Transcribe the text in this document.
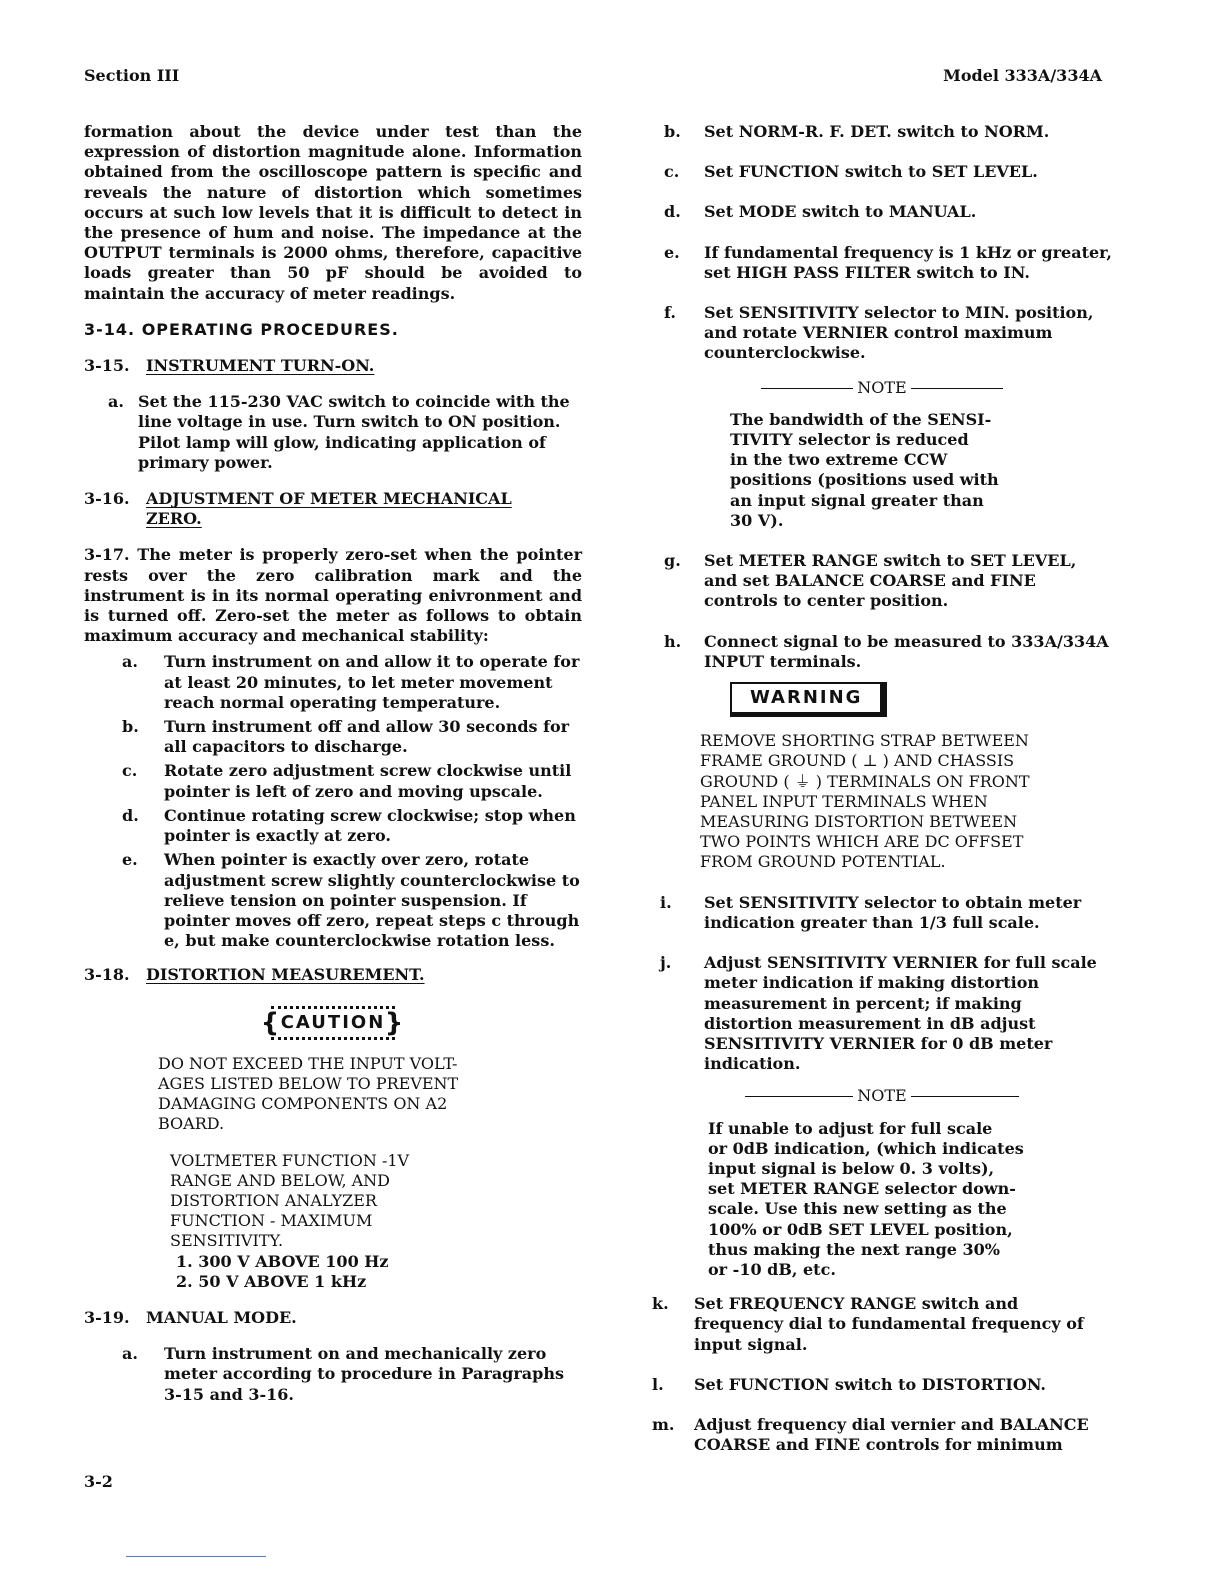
Section III	Model 333A/334A

formation about the device under test than the expression of distortion magnitude alone. Information obtained from the oscilloscope pattern is specific and reveals the nature of distortion which sometimes occurs at such low levels that it is difficult to detect in the presence of hum and noise. The impedance at the OUTPUT terminals is 2000 ohms, therefore, capacitive loads greater than 50 pF should be avoided to maintain the accuracy of meter readings.

3-14. OPERATING PROCEDURES.
3-15. INSTRUMENT TURN-ON.
a. Set the 115-230 VAC switch to coincide with the line voltage in use. Turn switch to ON position. Pilot lamp will glow, indicating application of primary power.
3-16. ADJUSTMENT OF METER MECHANICAL
ZERO.

3-17. The meter is properly zero-set when the pointer rests over the zero calibration mark and the instrument is in its normal operating enivronment and is turned off. Zero-set the meter as follows to obtain maximum accuracy and mechanical stability:

a. Turn instrument on and allow it to operate for at least 20 minutes, to let meter movement reach normal operating temperature.
b. Turn instrument off and allow 30 seconds for all capacitors to discharge.
c. Rotate zero adjustment screw clockwise until pointer is left of zero and moving upscale.
d. Continue rotating screw clockwise; stop when pointer is exactly at zero.
e. When pointer is exactly over zero, rotate adjustment screw slightly counterclockwise to relieve tension on pointer suspension. If pointer moves off zero, repeat steps c through e, but make counterclockwise rotation less.
3-18. DISTORTION MEASUREMENT.
{ CAUTION }
DO NOT EXCEED THE INPUT VOLT-
AGES LISTED BELOW TO PREVENT
DAMAGING COMPONENTS ON A2
BOARD.
VOLTMETER FUNCTION -1V
RANGE AND BELOW, AND
DISTORTION ANALYZER
FUNCTION - MAXIMUM
SENSITIVITY.
1. 300 V ABOVE 100 Hz
2. 50 V ABOVE 1 kHz
3-19. MANUAL MODE.
a. Turn instrument on and mechanically zero meter according to procedure in Paragraphs 3-15 and 3-16.
b. Set NORM-R. F. DET. switch to NORM.
c. Set FUNCTION switch to SET LEVEL.
d. Set MODE switch to MANUAL.
e. If fundamental frequency is 1 kHz or greater, set HIGH PASS FILTER switch to IN.
f. Set SENSITIVITY selector to MIN. position, and rotate VERNIER control maximum counterclockwise.
NOTE
The bandwidth of the SENSI-
TIVITY selector is reduced
in the two extreme CCW
positions (positions used with
an input signal greater than
30 V).
g. Set METER RANGE switch to SET LEVEL, and set BALANCE COARSE and FINE controls to center position.
h. Connect signal to be measured to 333A/334A INPUT terminals.
WARNING
REMOVE SHORTING STRAP BETWEEN
FRAME GROUND ( ⊥ ) AND CHASSIS
GROUND ( ⏚ ) TERMINALS ON FRONT
PANEL INPUT TERMINALS WHEN
MEASURING DISTORTION BETWEEN
TWO POINTS WHICH ARE DC OFFSET
FROM GROUND POTENTIAL.
i. Set SENSITIVITY selector to obtain meter indication greater than 1/3 full scale.
j. Adjust SENSITIVITY VERNIER for full scale meter indication if making distortion measurement in percent; if making distortion measurement in dB adjust SENSITIVITY VERNIER for 0 dB meter indication.
NOTE
If unable to adjust for full scale
or 0dB indication, (which indicates
input signal is below 0. 3 volts),
set METER RANGE selector down-
scale. Use this new setting as the
100% or 0dB SET LEVEL position,
thus making the next range 30%
or -10 dB, etc.
k. Set FREQUENCY RANGE switch and frequency dial to fundamental frequency of input signal.
l. Set FUNCTION switch to DISTORTION.
m. Adjust frequency dial vernier and BALANCE COARSE and FINE controls for minimum
3-2
